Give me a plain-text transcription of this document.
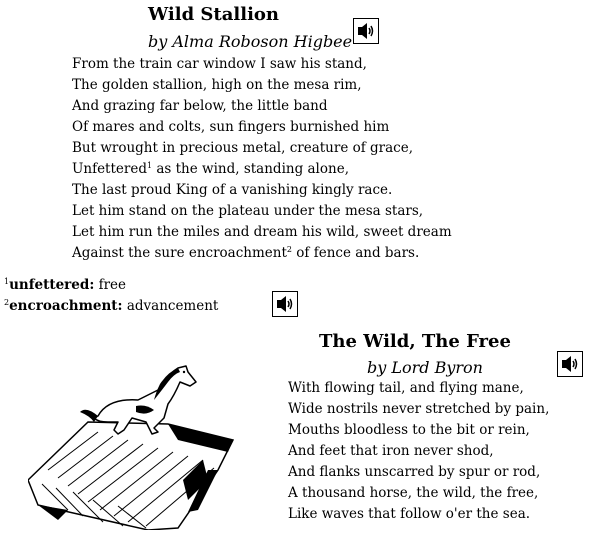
Wild Stallion
by Alma Roboson Higbee
From the train car window I saw his stand,
The golden stallion, high on the mesa rim,
And grazing far below, the little band
Of mares and colts, sun fingers burnished him
But wrought in precious metal, creature of grace,
Unfettered$^1$ as the wind, standing alone,
The last proud King of a vanishing kingly race.
Let him stand on the plateau under the mesa stars,
Let him run the miles and dream his wild, sweet dream
Against the sure encroachment$^2$ of fence and bars.
$^1$unfettered: free
$^2$encroachment: advancement
The Wild, The Free
by Lord Byron
With flowing tail, and flying mane,
Wide nostrils never stretched by pain,
Mouths bloodless to the bit or rein,
And feet that iron never shod,
And flanks unscarred by spur or rod,
A thousand horse, the wild, the free,
Like waves that follow o'er the sea.
